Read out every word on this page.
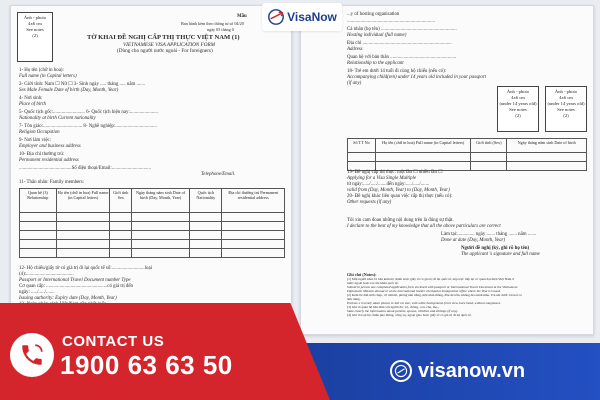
Ảnh - photo
4x6 cm
See notes
(2)
Mẫu
Ban hành kèm theo thông tư số 04/20
ngày 05 tháng 0
TỜ KHAI ĐỀ NGHỊ CẤP THỊ THỰC VIỆT NAM (1)
VIETNAMESE VISA APPLICATION FORM
(Dùng cho người nước ngoài - For foreigners)
1- Họ tên (chữ in hoa):
Full name (in Capital letters)
2- Giới tính: Nam ☐ Nữ ☐ 3- Sinh ngày ..... tháng ..... năm .......
Sex Male Female Date of birth (Day, Month, Year)
4- Nơi sinh:
Place of birth
5- Quốc tịch gốc:.......................... 6- Quốc tịch hiện nay:.......................
Nationality at birth Current nationality
7- Tôn giáo:................................ 8- Nghề nghiệp:..................................
Religion Occupation
9- Nơi làm việc:
Employer and business address
10- Địa chỉ thường trú:
Permanent residential address
...........................................Số điện thoại/Email:................................
Telephone/Email.
11- Thân nhân: Family members:
Quan hệ (3) Relationship	Họ tên (chữ in hoa) Full name (in Capital letters)	Giới tính Sex	Ngày tháng năm sinh Date of birth (Day, Month, Year)	Quốc tịch Nationality	Địa chỉ thường trú Permanent residential address

12- Hộ chiếu/giấy tờ có giá trị đi lại quốc tế số:...........................loại
(4):.......................................
Passport or International Travel Document number Type
Cơ quan cấp: ..................................................có giá trị đến
ngày: ...../...../.......
Issuing authority: Expiry date (Day, Month, Year)
...y of hosting organisation
........................................................................
Cá nhân (họ tên) ..............................................................
Hosting individual (full name)
Địa chỉ .........................................................................
Address
Quan hệ với bản thân ......................................................
Relationship to the applicant
18- Trẻ em dưới 14 tuổi đi cùng hộ chiếu (nếu có):
Accompanying child(ren) under 14 years old included in your passport (if any)
Ảnh - photo
4x6 cm
(under 14 years old)
See notes
(2)
Ảnh - photo
4x6 cm
(under 14 years old)
See notes
(2)
Số TT No	Họ tên (chữ in hoa) Full name (in Capital letters)	Giới tính (Sex)	Ngày tháng năm sinh Date of birth

19- Đề nghị cấp thị thực: một lần ☐ nhiều lần ☐
Applying for a Visa Single Multiple
từ ngày:...../...../.......đến ngày:...../...../.......
valid from (Day, Month, Year) to (Day, Month, Year)
20- Đề nghị khác liên quan việc cấp thị thực (nếu có):
Other requests (if any)
Tôi xin cam đoan những nội dung trên là đúng sự thật.
I declare to the best of my knowledge that all the above particulars are correct
Làm tại:.............. ngày ....... tháng ....... năm .......
Done at date (Day, Month, Year)
Người đề nghị (ký, ghi rõ họ tên)
The applicant 's signature and full name
Ghi chú (Notes):
(1) Mỗi người khai 01 bản kèm hộ chiếu hoặc giấy tờ có giá trị đi lại quốc tế, nộp trực tiếp tại cơ quan đại diện Việt Nam ở
nước ngoài hoặc tại cửa khẩu quốc tế.
Submit in person one completed application form enclosed with passport or International Travel Document at the Vietnamese
Diplomatic Mission abroad or at the international border checkpoint immigration office where the Visa is issued.
(2) Kèm 02 ảnh mới chụp, cỡ 4x6cm, phông nền trắng, mặt nhìn thẳng, đầu để trần, không đeo kính màu. Trẻ em dưới 14 tuổi có
ảnh riêng.
Enclose 2 recently taken photos in 4x6 cm size, with white background, front view, bare head, without sunglasses.
(3) Ghi rõ quan hệ bản thân với người đó: vợ, chồng, con, cha, mẹ...
State clearly the information about parents, spouse, children and siblings (if any).
(4) Ghi rõ loại hộ chiếu phổ thông, công vụ, ngoại giao hoặc giấy tờ có giá trị đi lại quốc tế.
VisaNow
CONTACT US
1900 63 63 50	visanow.vn
